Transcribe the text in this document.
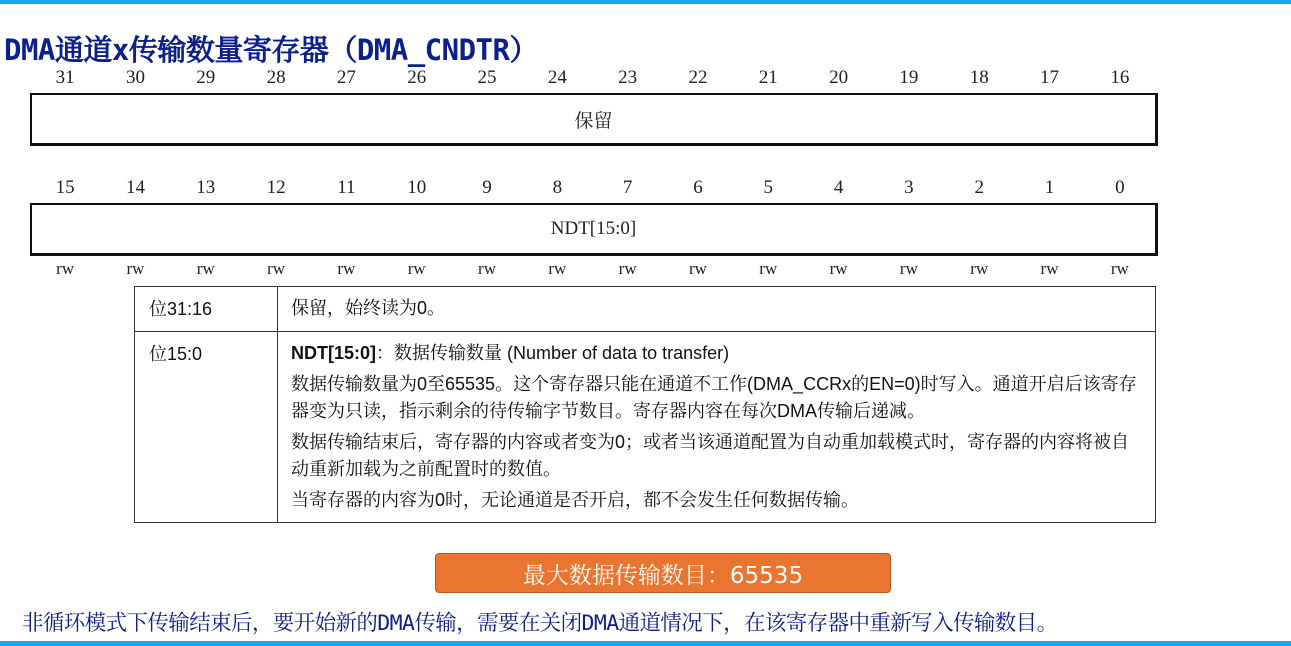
DMA通道x传输数量寄存器（DMA_CNDTR）
31	30	29	28	27	26	25	24	23	22	21	20	19	18	17	16
保留
15	14	13	12	11	10	9	8	7	6	5	4	3	2	1	0
NDT[15:0]
rw	rw	rw	rw	rw	rw	rw	rw	rw	rw	rw	rw	rw	rw	rw	rw
位31:16	保留，始终读为0。
位15:0	NDT[15:0]：数据传输数量 (Number of data to transfer)

数据传输数量为0至65535。这个寄存器只能在通道不工作(DMA_CCRx的EN=0)时写入。通道开启后该寄存器变为只读，指示剩余的待传输字节数目。寄存器内容在每次DMA传输后递减。

数据传输结束后，寄存器的内容或者变为0；或者当该通道配置为自动重加载模式时，寄存器的内容将被自动重新加载为之前配置时的数值。

当寄存器的内容为0时，无论通道是否开启，都不会发生任何数据传输。

最大数据传输数目：65535
非循环模式下传输结束后，要开始新的DMA传输，需要在关闭DMA通道情况下，在该寄存器中重新写入传输数目。
